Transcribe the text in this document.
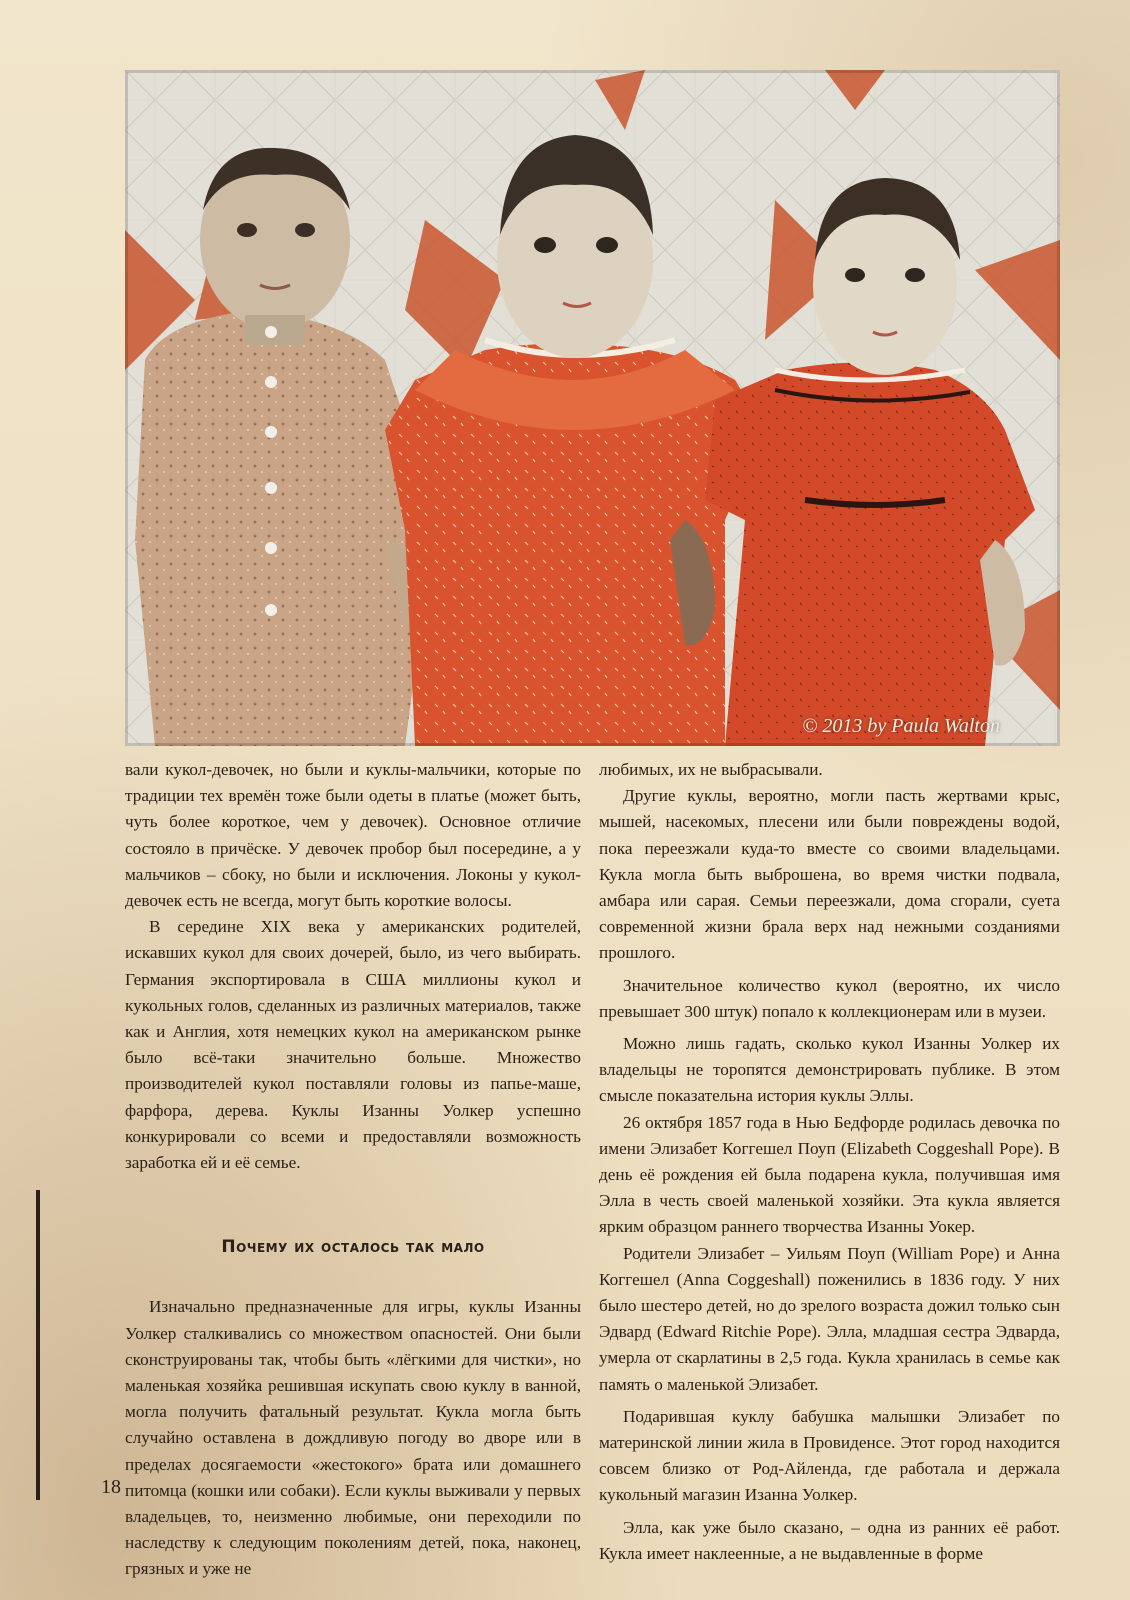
© 2013 by Paula Walton

вали кукол-девочек, но были и куклы-мальчики, которые по традиции тех времён тоже были одеты в платье (может быть, чуть более короткое, чем у девочек). Основное отличие состояло в причёске. У девочек пробор был посередине, а у мальчиков – сбоку, но были и исключения. Локоны у кукол-девочек есть не всегда, могут быть короткие волосы.

В середине XIX века у американских родителей, искавших кукол для своих дочерей, было, из чего выбирать. Германия экспортировала в США миллионы кукол и кукольных голов, сделанных из различных материалов, также как и Англия, хотя немецких кукол на американском рынке было всё-таки значительно больше. Множество производителей кукол поставляли головы из папье-маше, фарфора, дерева. Куклы Изанны Уолкер успешно конкурировали со всеми и предоставляли возможность заработка ей и её семье.

Почему их осталось так мало

Изначально предназначенные для игры, куклы Изанны Уолкер сталкивались со множеством опасностей. Они были сконструированы так, чтобы быть «лёгкими для чистки», но маленькая хозяйка решившая искупать свою куклу в ванной, могла получить фатальный результат. Кукла могла быть случайно оставлена в дождливую погоду во дворе или в пределах досягаемости «жестокого» брата или домашнего питомца (кошки или собаки). Если куклы выживали у первых владельцев, то, неизменно любимые, они переходили по наследству к следующим поколениям детей, пока, наконец, грязных и уже не

любимых, их не выбрасывали.

Другие куклы, вероятно, могли пасть жертвами крыс, мышей, насекомых, плесени или были повреждены водой, пока переезжали куда-то вместе со своими владельцами. Кукла могла быть выброшена, во время чистки подвала, амбара или сарая. Семьи переезжали, дома сгорали, суета современной жизни брала верх над нежными созданиями прошлого.

Значительное количество кукол (вероятно, их число превышает 300 штук) попало к коллекционерам или в музеи.

Можно лишь гадать, сколько кукол Изанны Уолкер их владельцы не торопятся демонстрировать публике. В этом смысле показательна история куклы Эллы.

26 октября 1857 года в Нью Бедфорде родилась девочка по имени Элизабет Коггешел Поуп (Elizabeth Coggeshall Pope). В день её рождения ей была подарена кукла, получившая имя Элла в честь своей маленькой хозяйки. Эта кукла является ярким образцом раннего творчества Изанны Уокер.

Родители Элизабет – Уильям Поуп (William Pope) и Анна Коггешел (Anna Coggeshall) поженились в 1836 году. У них было шестеро детей, но до зрелого возраста дожил только сын Эдвард (Edward Ritchie Pope). Элла, младшая сестра Эдварда, умерла от скарлатины в 2,5 года. Кукла хранилась в семье как память о маленькой Элизабет.

Подарившая куклу бабушка малышки Элизабет по материнской линии жила в Провиденсе. Этот город находится совсем близко от Род-Айленда, где работала и держала кукольный магазин Изанна Уолкер.

Элла, как уже было сказано, – одна из ранних её работ. Кукла имеет наклеенные, а не выдавленные в форме

18
